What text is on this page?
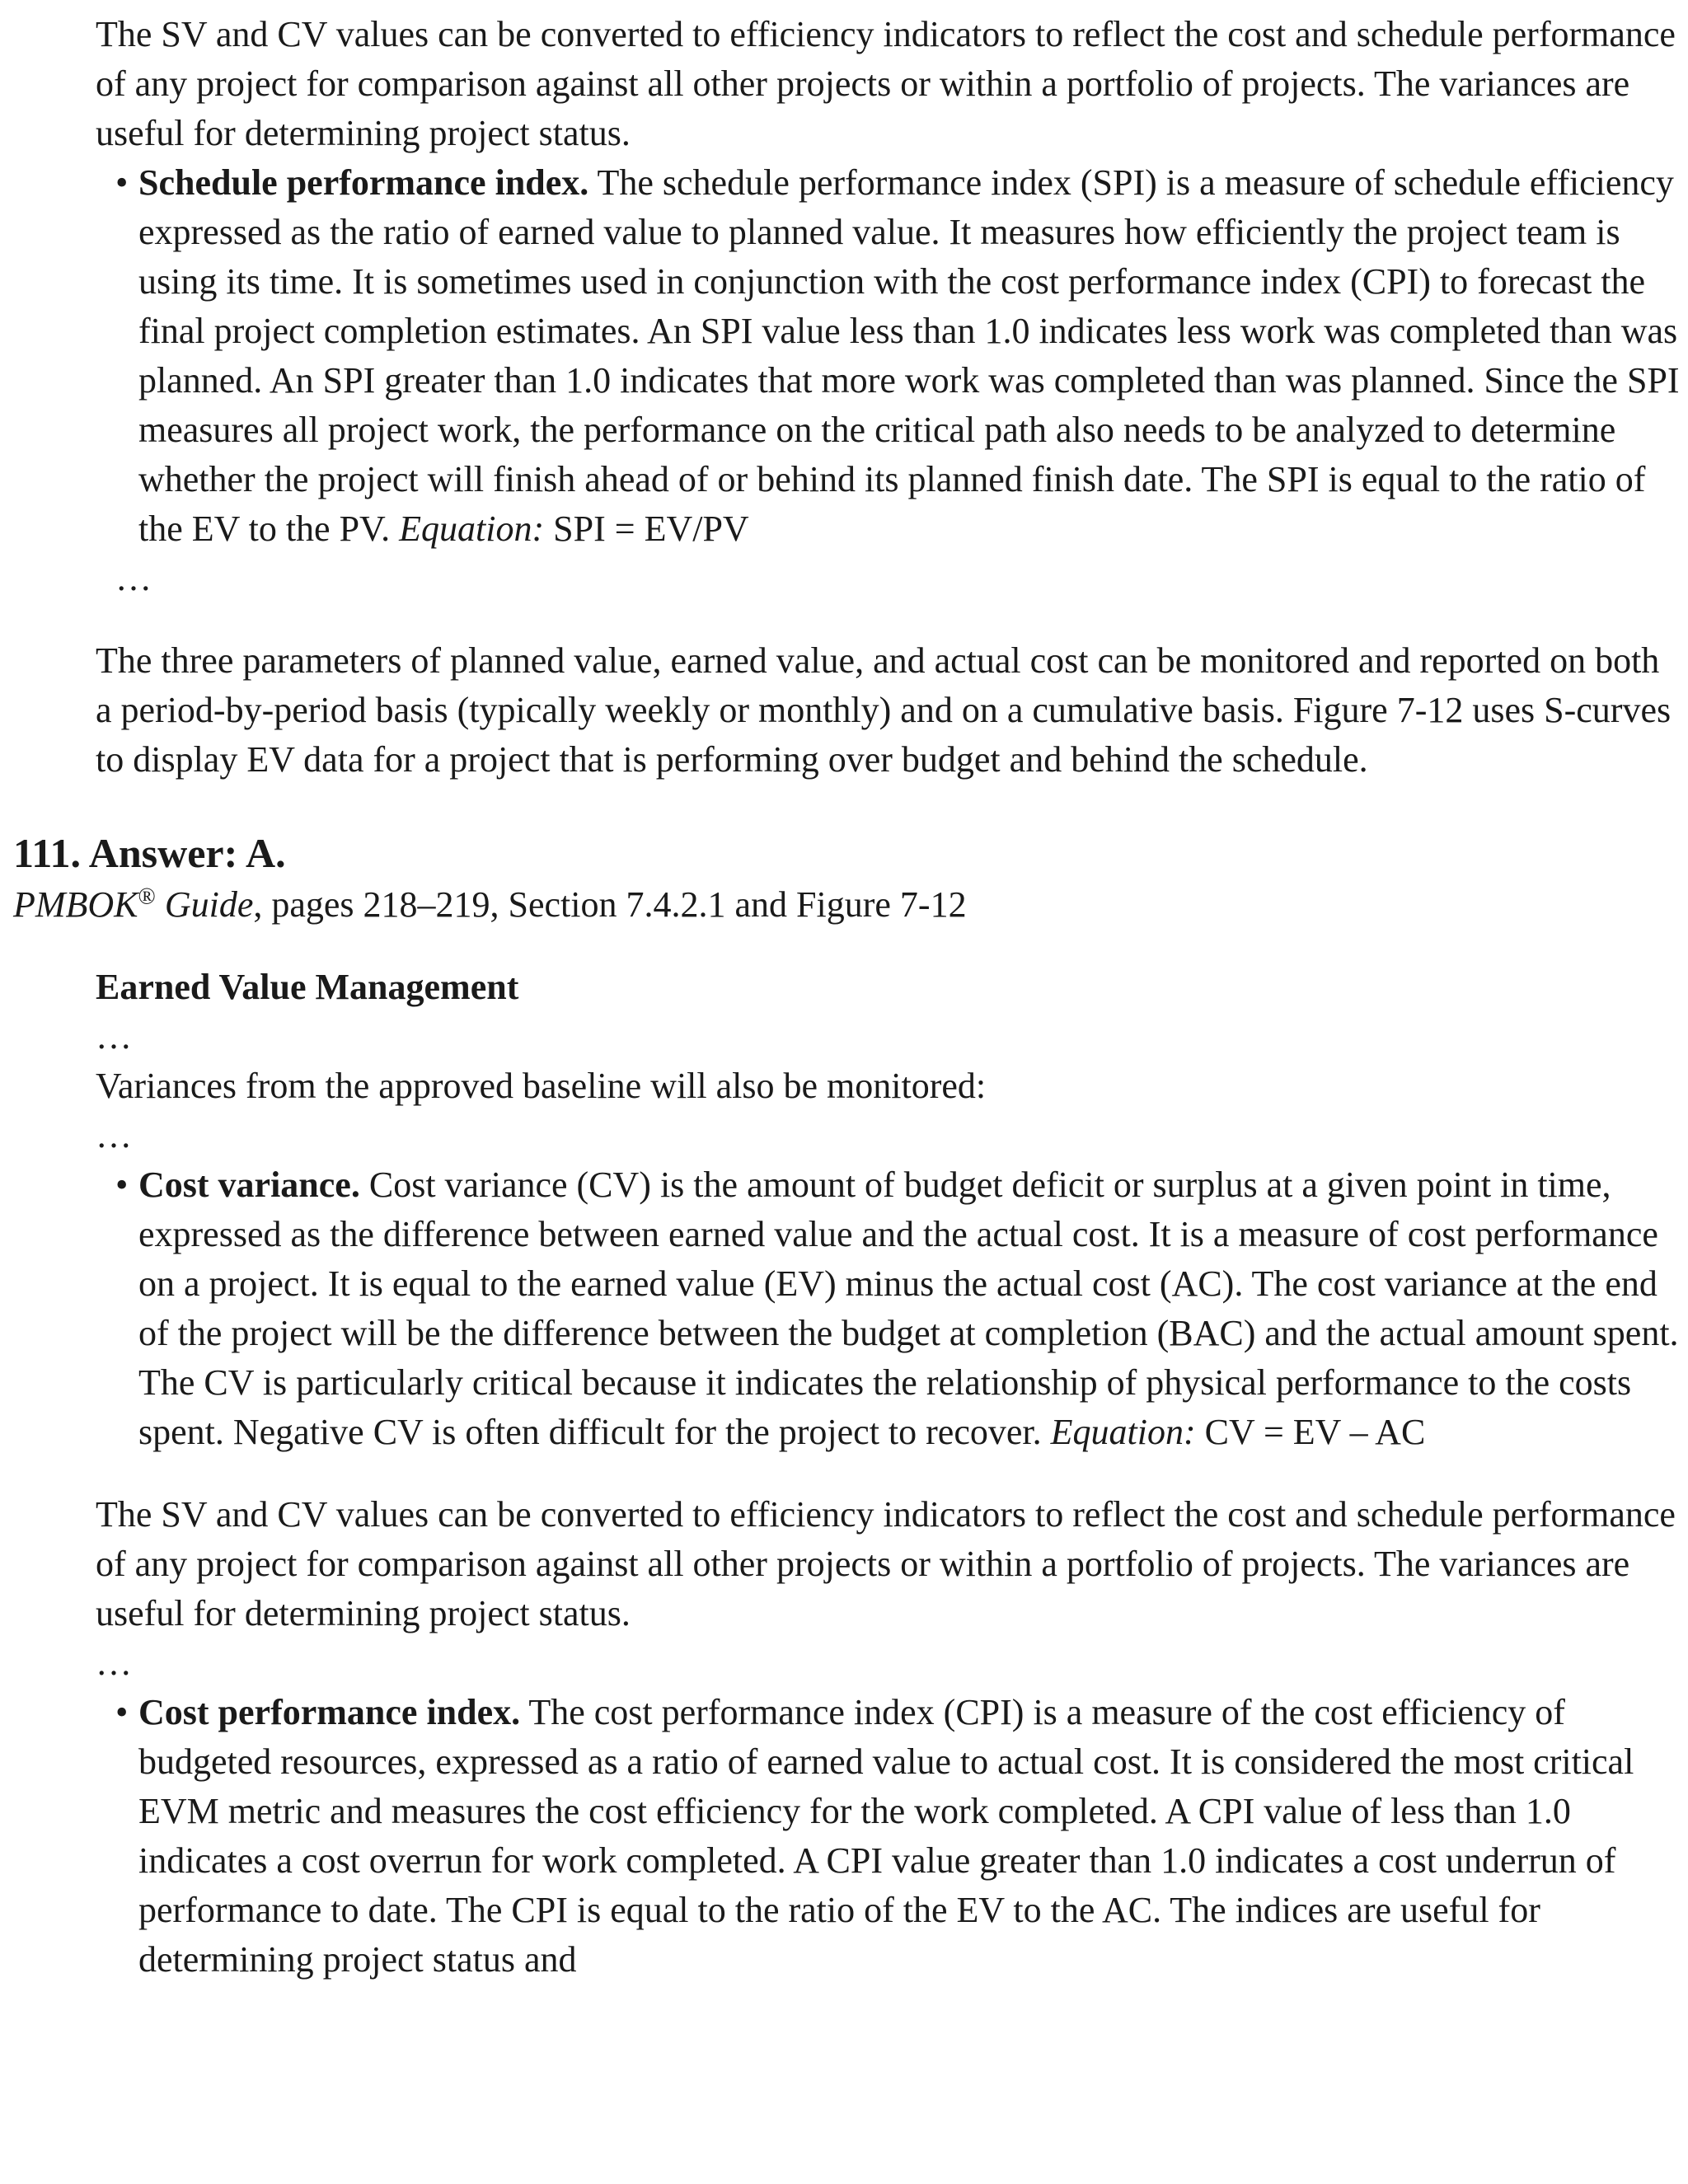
The SV and CV values can be converted to efficiency indicators to reflect the cost and schedule performance of any project for comparison against all other projects or within a portfolio of projects. The variances are useful for determining project status.

• Schedule performance index. The schedule performance index (SPI) is a measure of schedule efficiency expressed as the ratio of earned value to planned value. It measures how efficiently the project team is using its time. It is sometimes used in conjunction with the cost performance index (CPI) to forecast the final project completion estimates. An SPI value less than 1.0 indicates less work was completed than was planned. An SPI greater than 1.0 indicates that more work was completed than was planned. Since the SPI measures all project work, the performance on the critical path also needs to be analyzed to determine whether the project will finish ahead of or behind its planned finish date. The SPI is equal to the ratio of the EV to the PV. Equation: SPI = EV/PV

…

The three parameters of planned value, earned value, and actual cost can be monitored and reported on both a period-by-period basis (typically weekly or monthly) and on a cumulative basis. Figure 7-12 uses S-curves to display EV data for a project that is performing over budget and behind the schedule.

111. Answer: A.

PMBOK® Guide, pages 218–219, Section 7.4.2.1 and Figure 7-12

Earned Value Management

…

Variances from the approved baseline will also be monitored:

…

• Cost variance. Cost variance (CV) is the amount of budget deficit or surplus at a given point in time, expressed as the difference between earned value and the actual cost. It is a measure of cost performance on a project. It is equal to the earned value (EV) minus the actual cost (AC). The cost variance at the end of the project will be the difference between the budget at completion (BAC) and the actual amount spent. The CV is particularly critical because it indicates the relationship of physical performance to the costs spent. Negative CV is often difficult for the project to recover. Equation: CV = EV – AC

The SV and CV values can be converted to efficiency indicators to reflect the cost and schedule performance of any project for comparison against all other projects or within a portfolio of projects. The variances are useful for determining project status.

…

• Cost performance index. The cost performance index (CPI) is a measure of the cost efficiency of budgeted resources, expressed as a ratio of earned value to actual cost. It is considered the most critical EVM metric and measures the cost efficiency for the work completed. A CPI value of less than 1.0 indicates a cost overrun for work completed. A CPI value greater than 1.0 indicates a cost underrun of performance to date. The CPI is equal to the ratio of the EV to the AC. The indices are useful for determining project status and
